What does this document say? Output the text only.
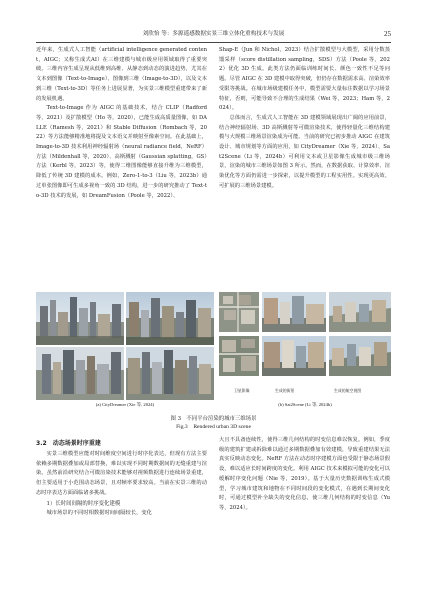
刘欣怡 等：多源遥感数据实景三维立体化重构技术与发展	25

近年来，生成式人工智能（artificial intelligence generated content，AIGC；又称生成式AI）在三维建模与城市级应用领域取得了重要突破。三维内容生成呈现从低维到高维、从静态到动态的演进趋势，尤其在文本到图像（Text-to-Image）、图像到三维（Image-to-3D），以及文本到三维（Text-to-3D）等任务上进展显著，为实景三维模型重建带来了新的发展机遇。

Text-to-Image 作为 AIGC 的基础技术，结合 CLIP（Radford 等，2021）及扩散模型（Ho 等，2020），已能生成高质量图像，如 DALLE（Ramesh 等，2021）和 Stable Diffusion（Rombach 等，2022）等方法能够精准地将提及文本语义并映射至像素空间。在此基础上，Image-to-3D 技术利用神经辐射场（neural radiance field，NeRF）方法（Mildenhall 等，2020）、高斯溅射（Gaussian splatting，GS）方法（Kerbl 等，2023）等，使得二维图像能够直接升维为三维模型，降低了传统 3D 建模的成本。例如，Zero-1-to-3（Liu 等，2023b）通过单张图像即可生成多视角一致的 3D 结构，进一步的研究推动了 Text-to-3D 技术的发展，如 DreamFusion（Poole 等，2022）、

Shap-E（Jun 和 Nichol，2023）结合扩散模型与大模型，采用分数蒸馏采样（score distillation sampling，SDS）方法（Poole 等，2022）优化 3D 生成。此类方法仍面临训练时间长、颜色一致性不足等问题。尽管 AIGC 在 3D 建模中取得突破，但仍存在数据需求高、渲染效率受限等挑战。在城市场级建模任务中，模型需要大量标注数据以学习场景特征，否则，可能导致不合理的生成结果（Wei 等，2023；Ham 等，2024）。

总体而言，生成式人工智能在 3D 建模领域展现出广阔的应用前景，结合神经辐射场、3D 高斯溅射等可微渲染技术，使得轻量化三维结构建模与大规模三维场景渲染成为可能。当前的研究已初步推动 AIGC 在建筑设计、城市规划等方面的应用，如 CityDreamer（Xie 等，2024）、Sat2Scene（Li 等，2024b）可利用文本或卫星影像生成城市级三维场景，渲染的城市三维场景如图 3 所示。然而，在数据获取、计算效率、渲染优化等方面仍需进一步探索，以提升模型的工程实用性。实现更高效、可扩展的三维场景建模。

卫星影像	生成的街景	生成的航空视图
(a) CityDreamer (Xie 等, 2024)	(b) Sat2Scene (Li 等, 2024b)
图 3　不同平台渲染的城市三维场景
Fig.3　Rendered urban 3D scene
3.2　动态场景时序重建

实景三维模型应能对时间维度空间进行时序化表达，但现有方法主要依赖多期数据叠加或局部替换，难以实现不同时期数据间的无缝重建与渲染。虽然前沿研究结合可微渲染技术能够对视频数据进行连续场景重建，但主要适用于小范围动态场景，且对帧率要求较高。当前在实景三维的动态时序表达方面面临诸多挑战。

1）长时间间隔的时序变化建模

城市场景的不同时相数据时间间隔较长，变化

大且不具备连续性，使得三维几何结构的时变信息难以恢复。例如，季度级的建筑扩建或拆除难以通过多期数据叠加有效建模，导致重建结果无法真实反映动态变化。NeRF 方法在动态时序建模方面也受限于静态场景假设，难以适应长时间跨度的变化。利用 AIGC 技术来模拟可能的变化可以缓解时序变化问题（Nie 等，2019）。基于大量历史数据训练生成式模型，学习城市建筑和地物在不同时间段的变化模式，在遇到长期间变化时，可通过模型补全缺失的变化信息，使三维几何结构的时变信息（Yu 等，2024）。
